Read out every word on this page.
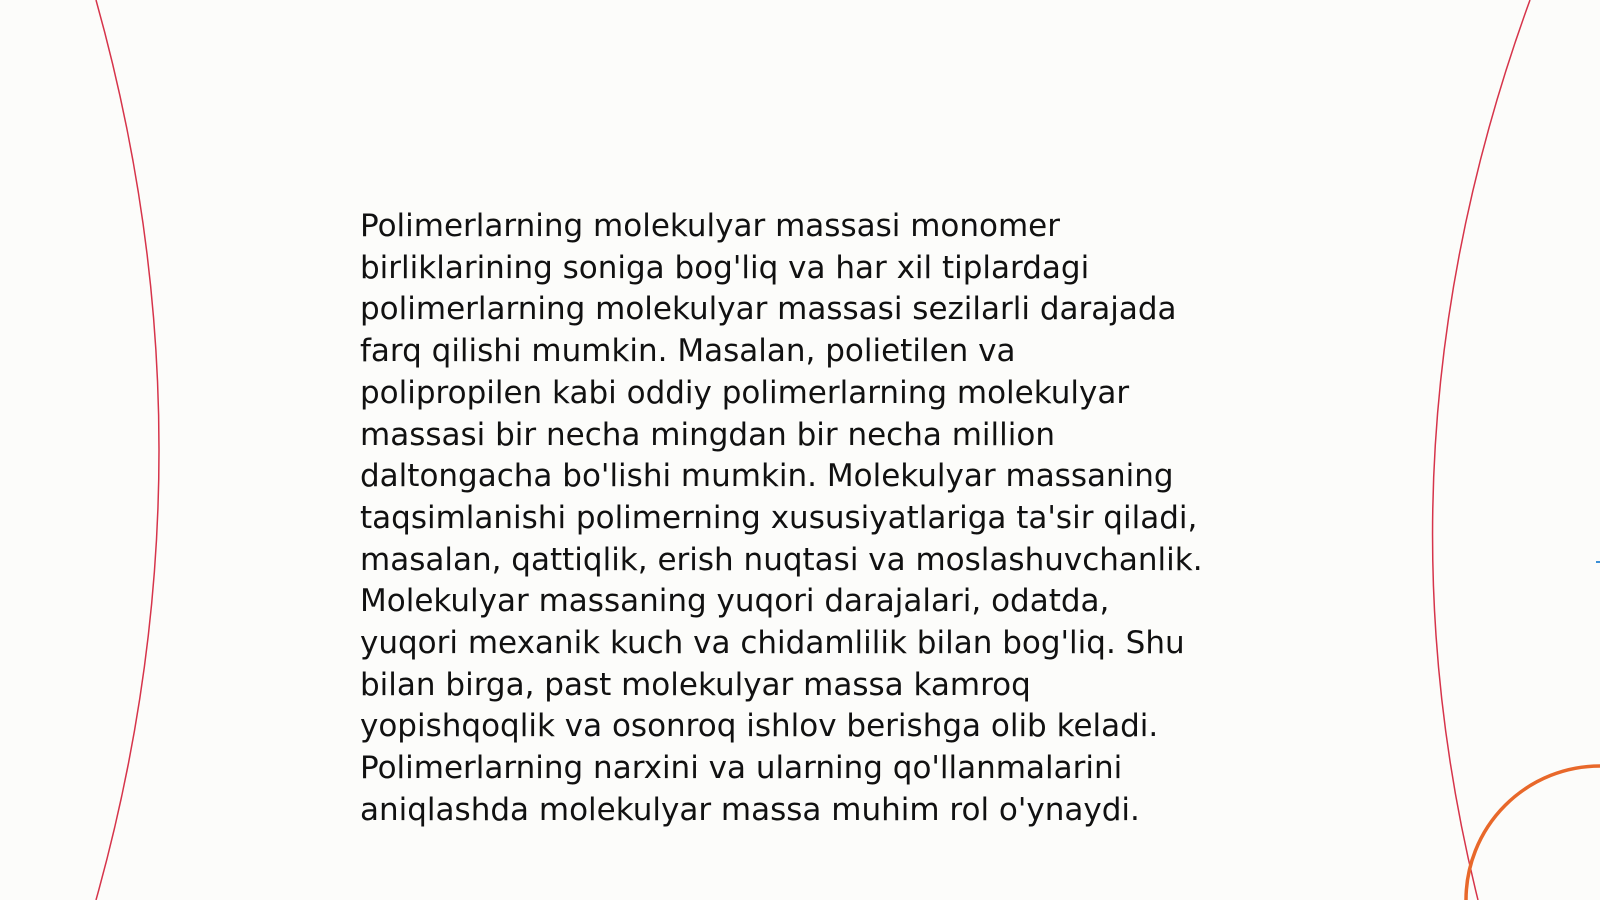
Polimerlarning molekulyar massasi monomer
birliklarining soniga bog'liq va har xil tiplardagi
polimerlarning molekulyar massasi sezilarli darajada
farq qilishi mumkin. Masalan, polietilen va
polipropilen kabi oddiy polimerlarning molekulyar
massasi bir necha mingdan bir necha million
daltongacha bo'lishi mumkin. Molekulyar massaning
taqsimlanishi polimerning xususiyatlariga ta'sir qiladi,
masalan, qattiqlik, erish nuqtasi va moslashuvchanlik.
Molekulyar massaning yuqori darajalari, odatda,
yuqori mexanik kuch va chidamlilik bilan bog'liq. Shu
bilan birga, past molekulyar massa kamroq
yopishqoqlik va osonroq ishlov berishga olib keladi.
Polimerlarning narxini va ularning qo'llanmalarini
aniqlashda molekulyar massa muhim rol o'ynaydi.
